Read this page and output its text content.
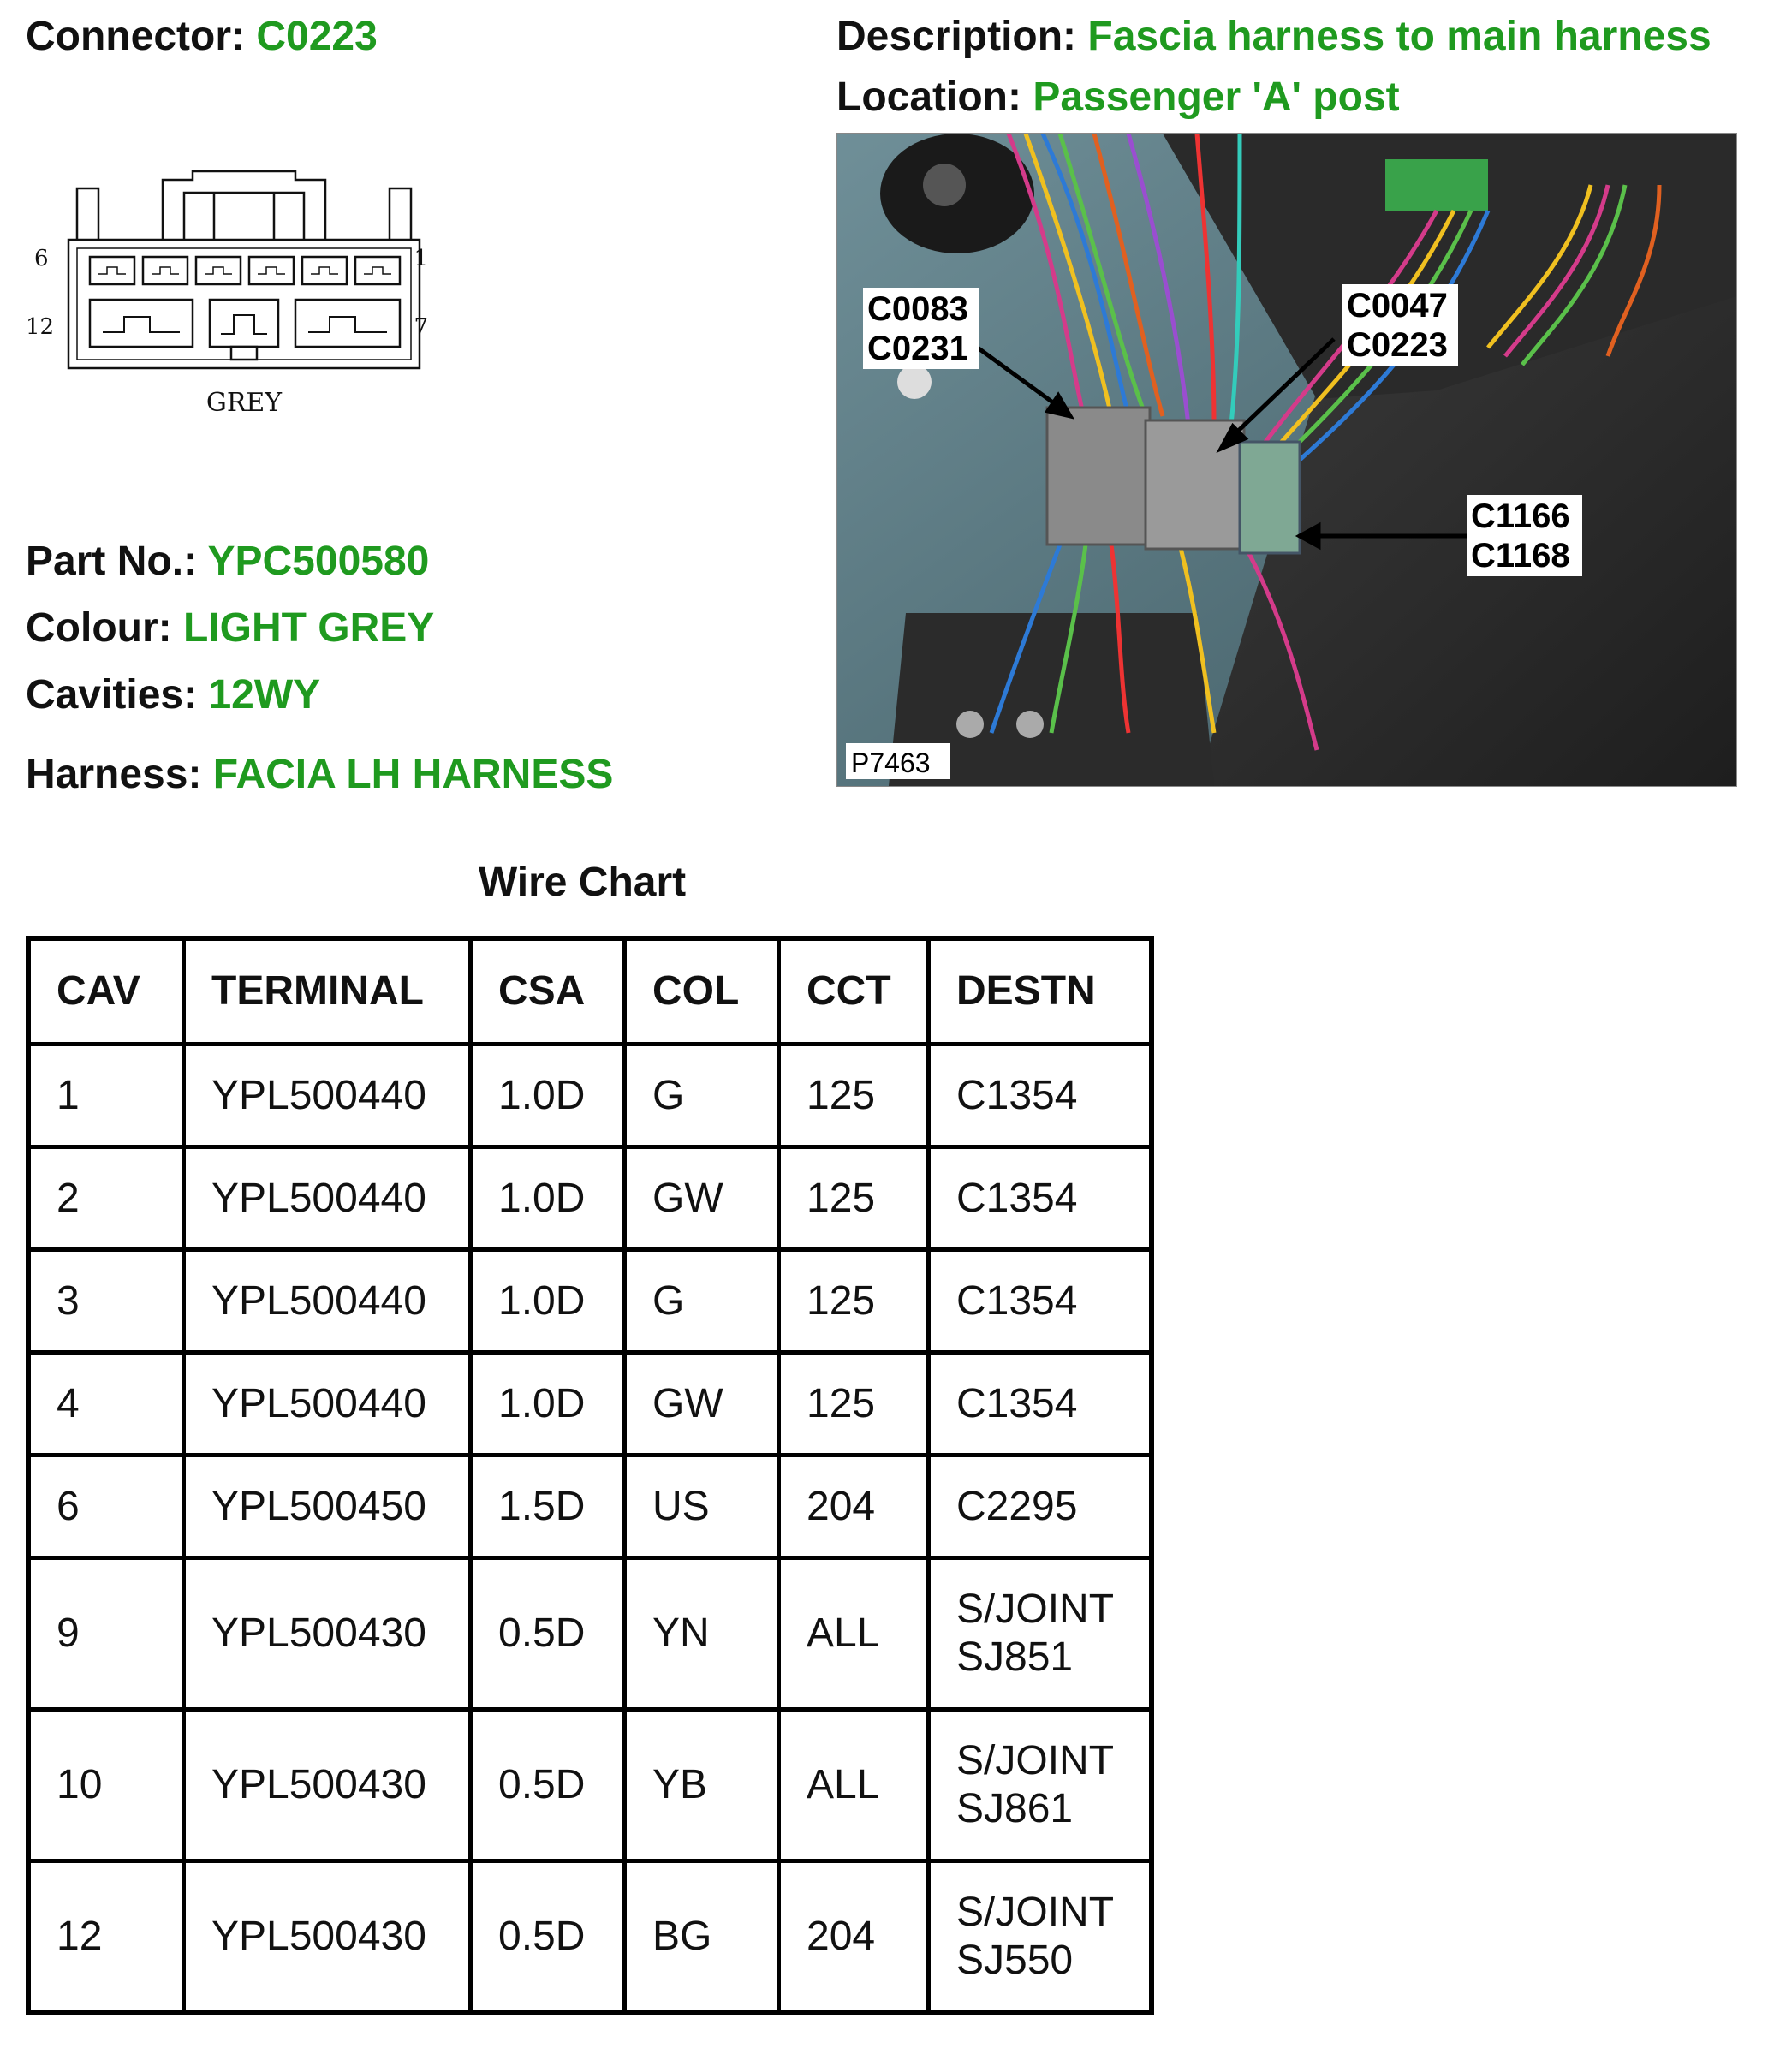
Connector: C0223	Description: Fascia harness to main harness
Location: Passenger 'A' post
6	1
12	7
GREY
Part No.: YPC500580
Colour: LIGHT GREY
Cavities: 12WY
Harness: FACIA LH HARNESS
C0083
C0231
C0047
C0223
C1166
C1168
P7463
Wire Chart
CAV	TERMINAL	CSA	COL	CCT	DESTN
1	YPL500440	1.0D	G	125	C1354

2	YPL500440	1.0D	GW	125	C1354

3	YPL500440	1.0D	G	125	C1354

4	YPL500440	1.0D	GW	125	C1354

6	YPL500450	1.5D	US	204	C2295

9	YPL500430	0.5D	YN	ALL	S/JOINT
SJ851

10	YPL500430	0.5D	YB	ALL	S/JOINT
SJ861

12	YPL500430	0.5D	BG	204	S/JOINT
SJ550
